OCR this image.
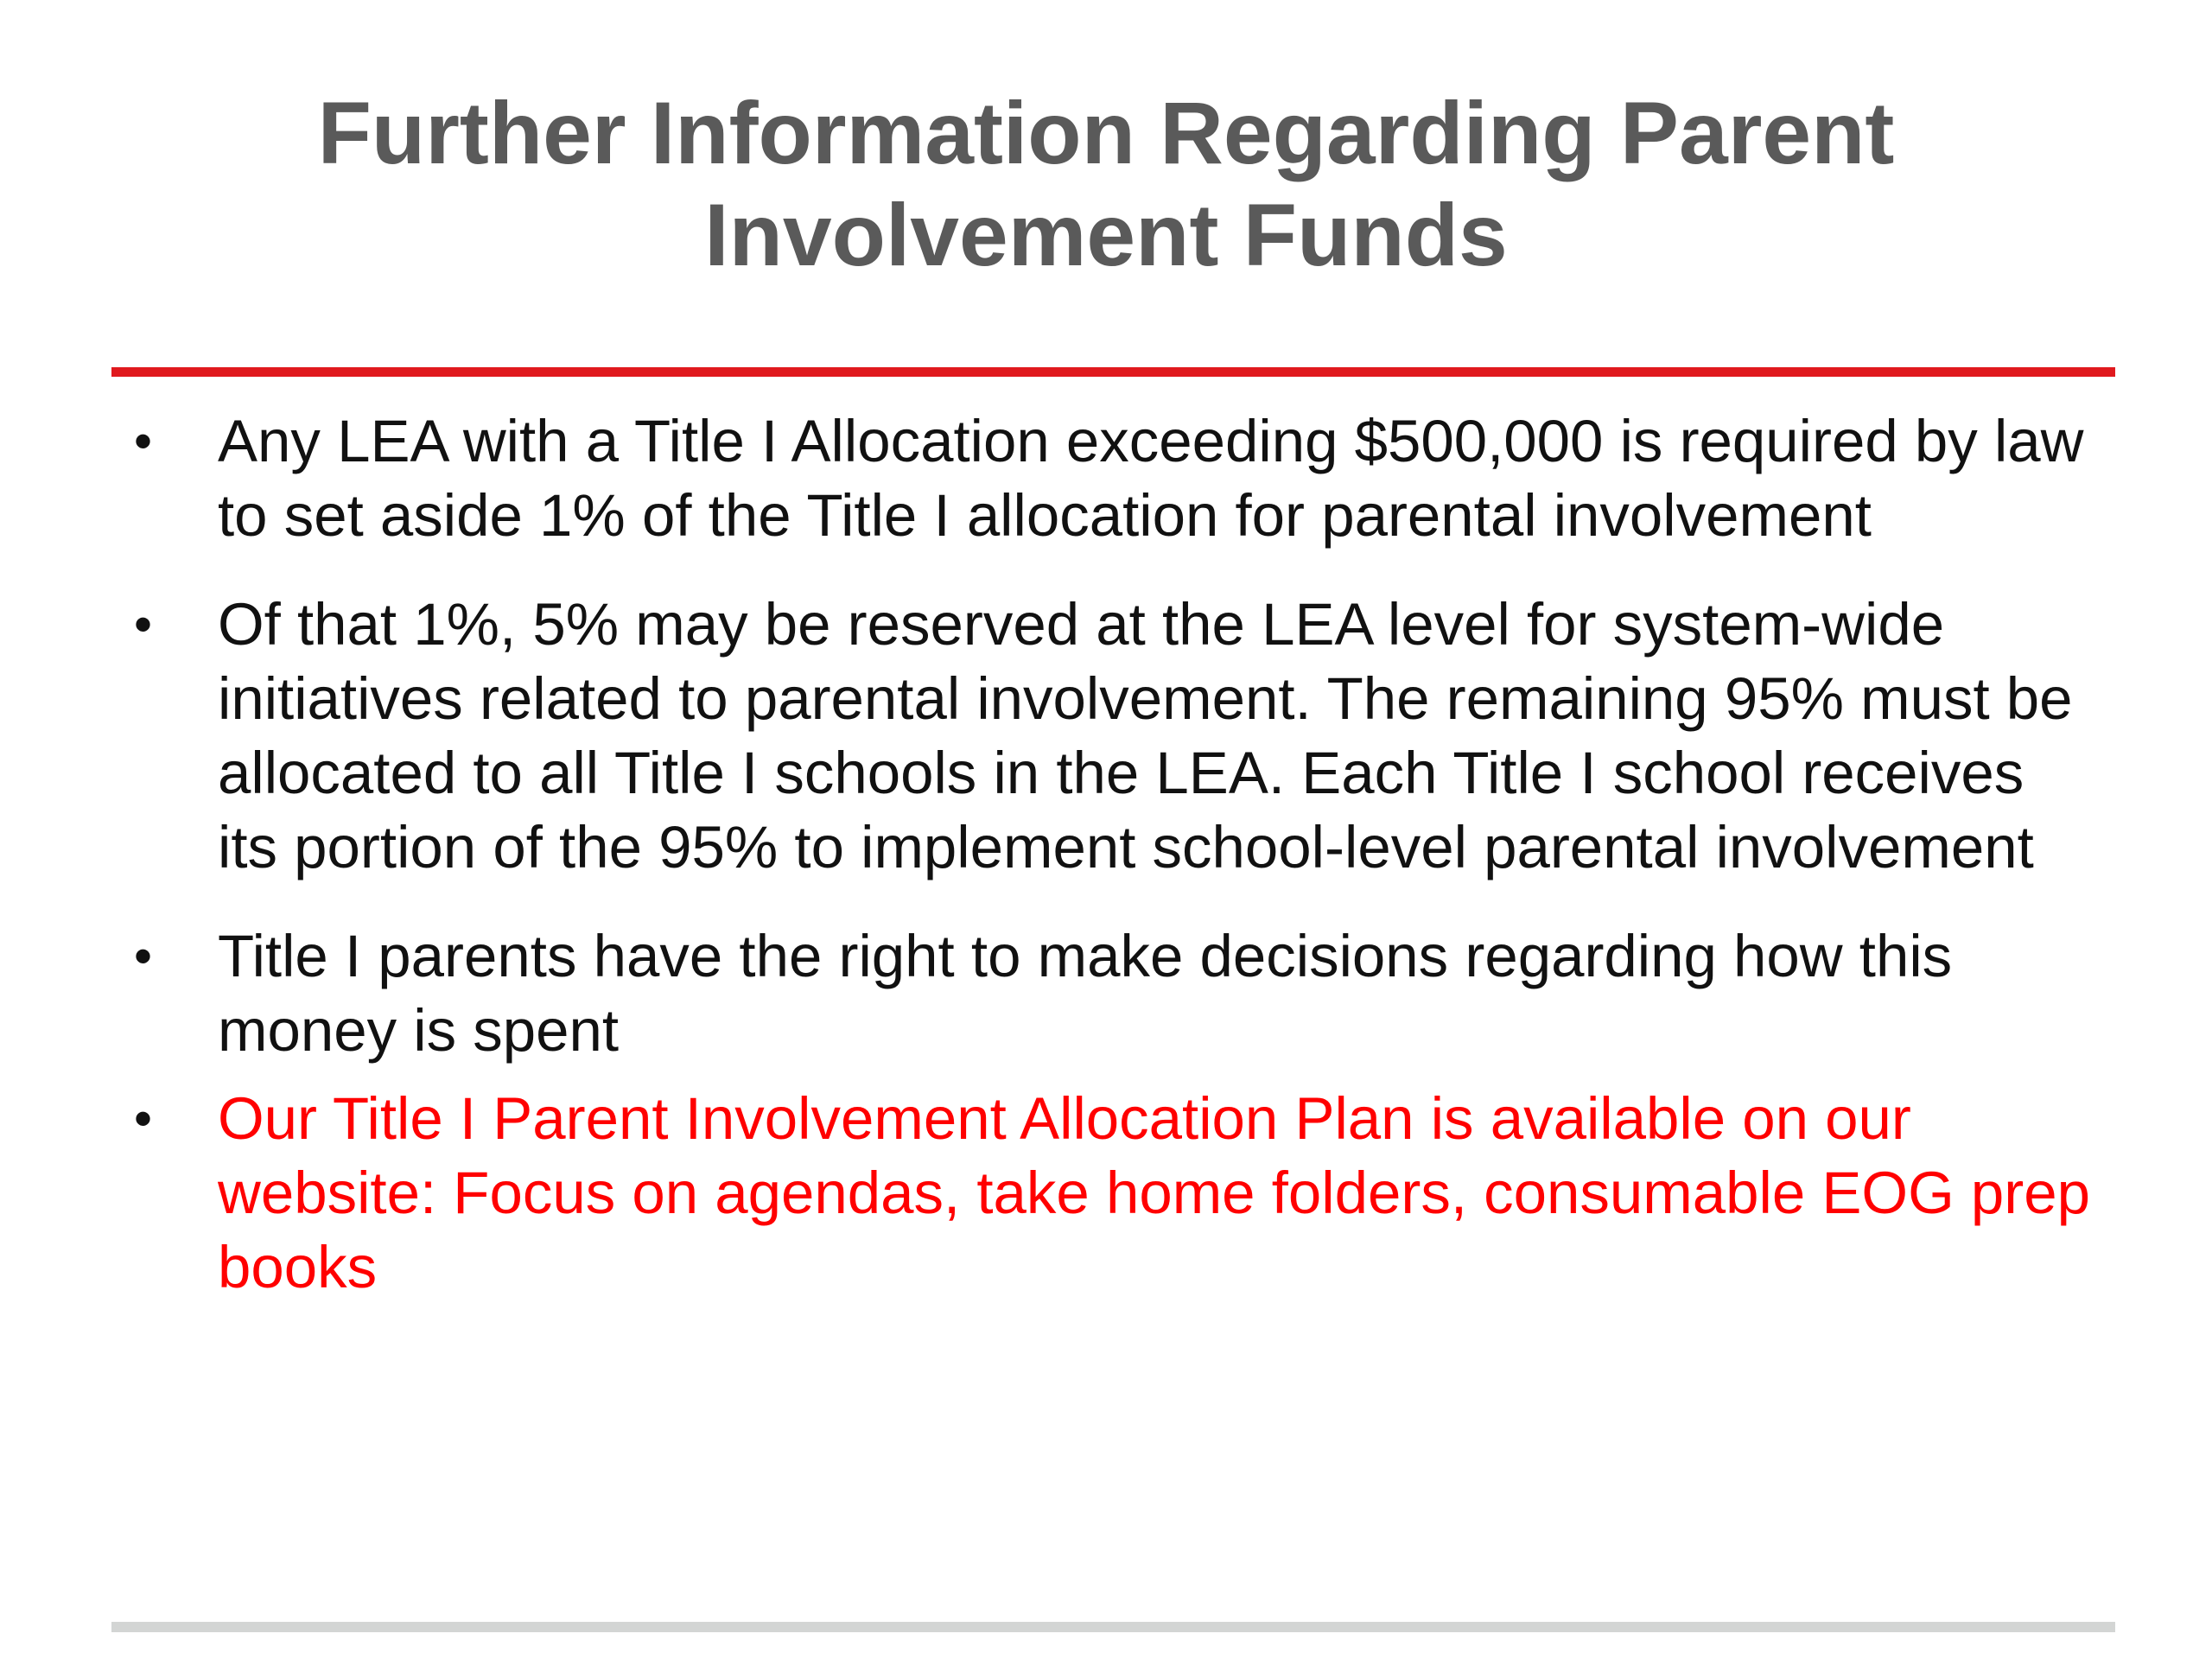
Further Information Regarding Parent
Involvement Funds
• Any LEA with a Title I Allocation exceeding $500,000 is required by law to set aside 1% of the Title I allocation for parental involvement
• Of that 1%, 5% may be reserved at the LEA level for system-wide initiatives related to parental involvement. The remaining 95% must be allocated to all Title I schools in the LEA. Each Title I school receives its portion of the 95% to implement school-level parental involvement
• Title I parents have the right to make decisions regarding how this money is spent
• Our Title I Parent Involvement Allocation Plan is available on our website: Focus on agendas, take home folders, consumable EOG prep books
